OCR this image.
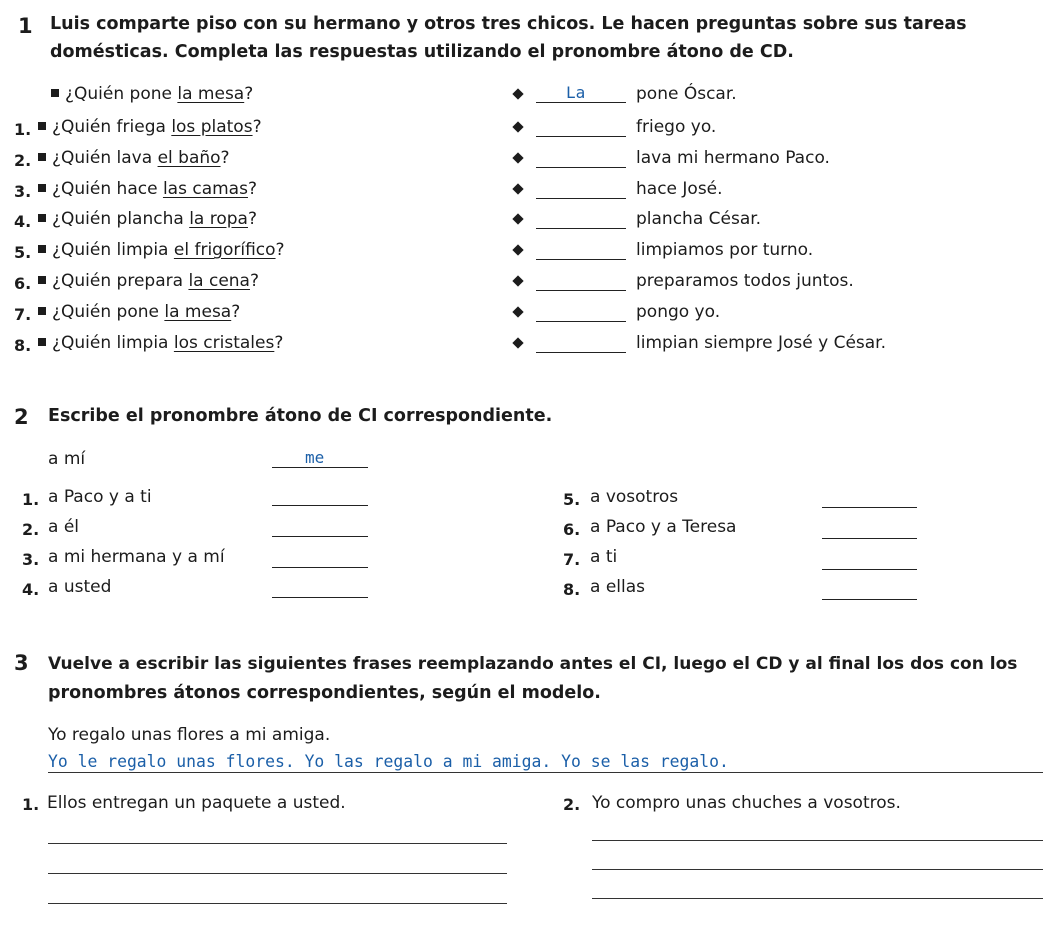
1 Luis comparte piso con su hermano y otros tres chicos. Le hacen preguntas sobre sus tareas
domésticas. Completa las respuestas utilizando el pronombre átono de CD.
¿Quién pone la mesa?	La	pone Óscar.
1.	¿Quién friega los platos?	friego yo.
2.	¿Quién lava el baño?	lava mi hermano Paco.
3.	¿Quién hace las camas?	hace José.
4.	¿Quién plancha la ropa?	plancha César.
5.	¿Quién limpia el frigorífico?	limpiamos por turno.
6.	¿Quién prepara la cena?	preparamos todos juntos.
7.	¿Quién pone la mesa?	pongo yo.
8.	¿Quién limpia los cristales?	limpian siempre José y César.
2 Escribe el pronombre átono de CI correspondiente.
a mí	me
1. a Paco y a ti
2. a él
3. a mi hermana y a mí
4. a usted
5. a vosotros
6. a Paco y a Teresa
7. a ti
8. a ellas
3 Vuelve a escribir las siguientes frases reemplazando antes el CI, luego el CD y al final los dos con los
pronombres átonos correspondientes, según el modelo.
Yo regalo unas flores a mi amiga.
Yo le regalo unas flores. Yo las regalo a mi amiga. Yo se las regalo.
1. Ellos entregan un paquete a usted.	2. Yo compro unas chuches a vosotros.
